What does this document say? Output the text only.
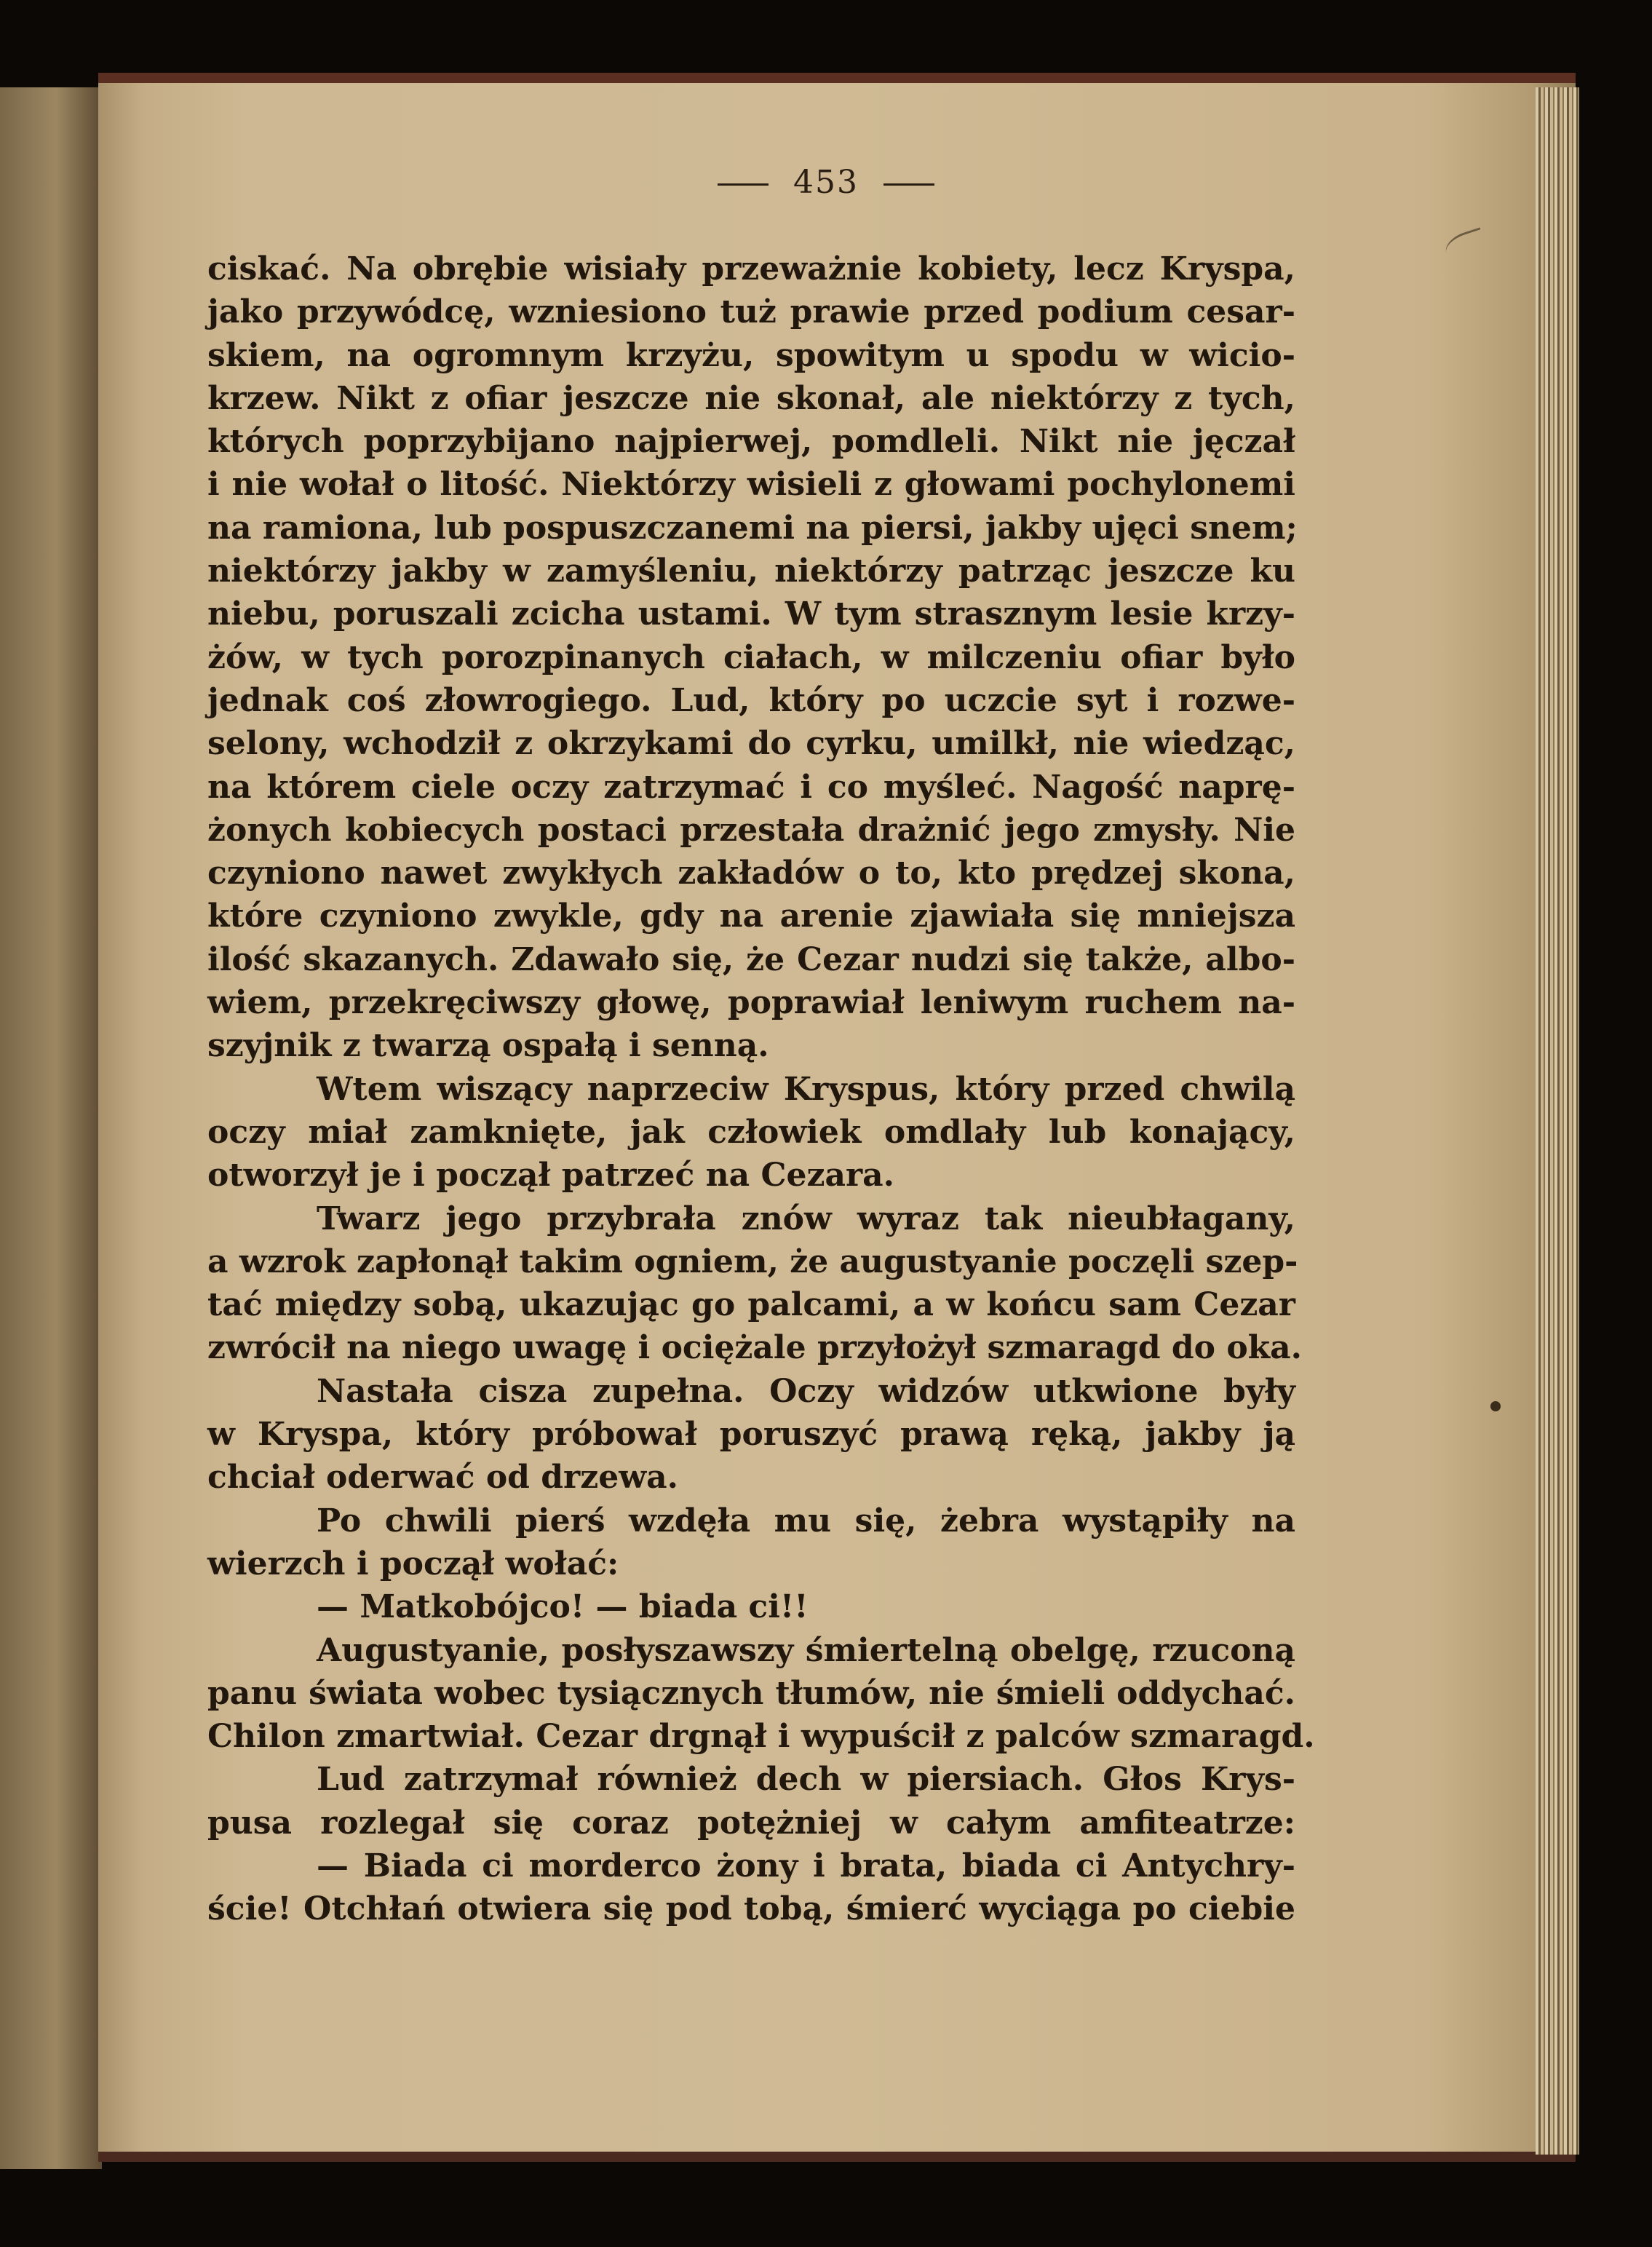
453
ciskać. Na obrębie wisiały przeważnie kobiety, lecz Kryspa,
jako przywódcę, wzniesiono tuż prawie przed podium cesar-
skiem, na ogromnym krzyżu, spowitym u spodu w wicio-
krzew. Nikt z ofiar jeszcze nie skonał, ale niektórzy z tych,
których poprzybijano najpierwej, pomdleli. Nikt nie jęczał
i nie wołał o litość. Niektórzy wisieli z głowami pochylonemi
na ramiona, lub pospuszczanemi na piersi, jakby ujęci snem;
niektórzy jakby w zamyśleniu, niektórzy patrząc jeszcze ku
niebu, poruszali zcicha ustami. W tym strasznym lesie krzy-
żów, w tych porozpinanych ciałach, w milczeniu ofiar było
jednak coś złowrogiego. Lud, który po uczcie syt i rozwe-
selony, wchodził z okrzykami do cyrku, umilkł, nie wiedząc,
na którem ciele oczy zatrzymać i co myśleć. Nagość naprę-
żonych kobiecych postaci przestała drażnić jego zmysły. Nie
czyniono nawet zwykłych zakładów o to, kto prędzej skona,
które czyniono zwykle, gdy na arenie zjawiała się mniejsza
ilość skazanych. Zdawało się, że Cezar nudzi się także, albo-
wiem, przekręciwszy głowę, poprawiał leniwym ruchem na-
szyjnik z twarzą ospałą i senną.
Wtem wiszący naprzeciw Kryspus, który przed chwilą
oczy miał zamknięte, jak człowiek omdlały lub konający,
otworzył je i począł patrzeć na Cezara.
Twarz jego przybrała znów wyraz tak nieubłagany,
a wzrok zapłonął takim ogniem, że augustyanie poczęli szep-
tać między sobą, ukazując go palcami, a w końcu sam Cezar
zwrócił na niego uwagę i ociężale przyłożył szmaragd do oka.
Nastała cisza zupełna. Oczy widzów utkwione były
w Kryspa, który próbował poruszyć prawą ręką, jakby ją
chciał oderwać od drzewa.
Po chwili pierś wzdęła mu się, żebra wystąpiły na
wierzch i począł wołać:
— Matkobójco! — biada ci!!
Augustyanie, posłyszawszy śmiertelną obelgę, rzuconą
panu świata wobec tysiącznych tłumów, nie śmieli oddychać.
Chilon zmartwiał. Cezar drgnął i wypuścił z palców szmaragd.
Lud zatrzymał również dech w piersiach. Głos Krys-
pusa rozlegał się coraz potężniej w całym amfiteatrze:
— Biada ci morderco żony i brata, biada ci Antychry-
ście! Otchłań otwiera się pod tobą, śmierć wyciąga po ciebie
